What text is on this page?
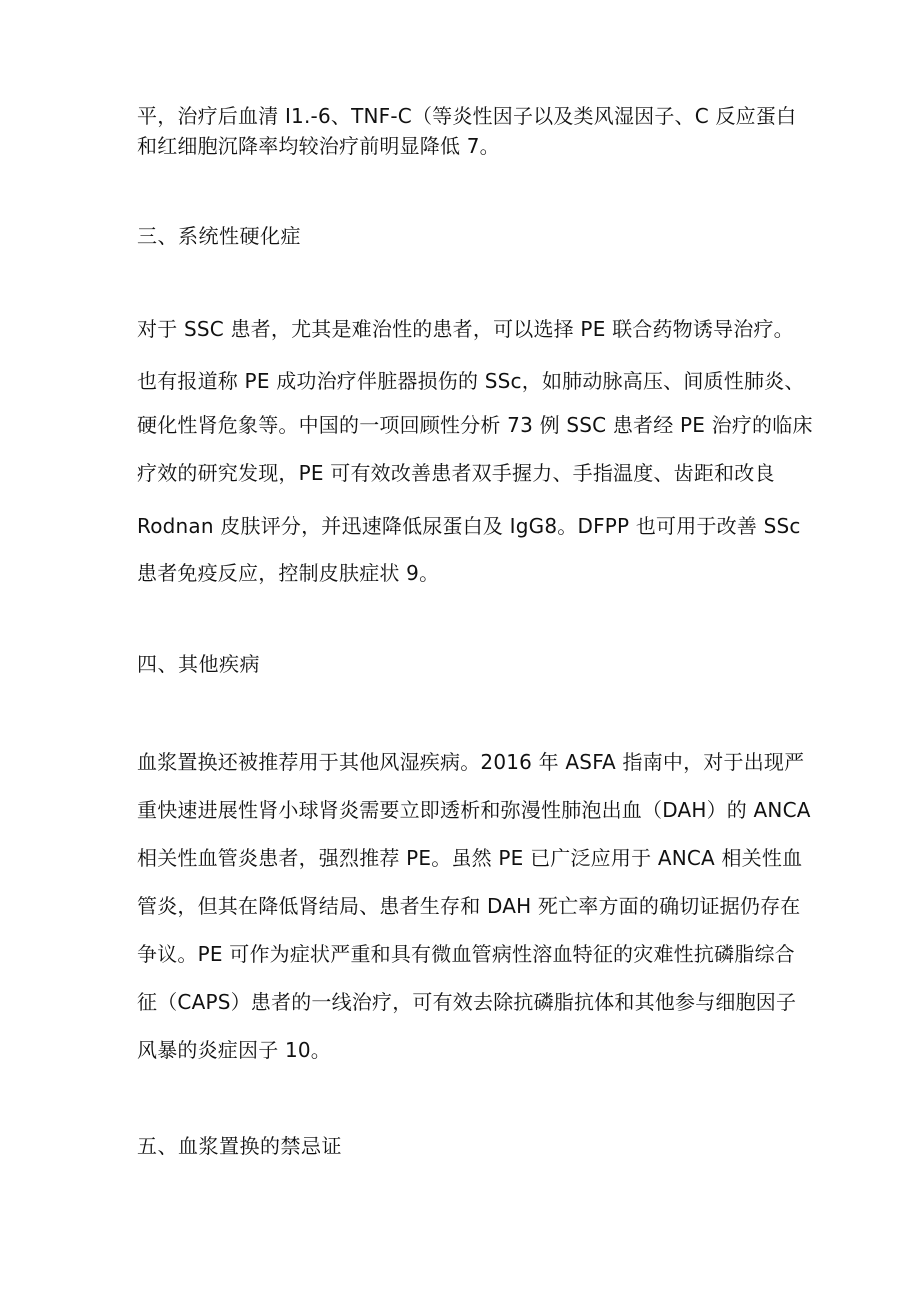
平，治疗后血清 I1.-6、TNF-C（等炎性因子以及类风湿因子、C 反应蛋白
和红细胞沉降率均较治疗前明显降低 7。
三、系统性硬化症
对于 SSC 患者，尤其是难治性的患者，可以选择 PE 联合药物诱导治疗。
也有报道称 PE 成功治疗伴脏器损伤的 SSc，如肺动脉高压、间质性肺炎、
硬化性肾危象等。中国的一项回顾性分析 73 例 SSC 患者经 PE 治疗的临床
疗效的研究发现，PE 可有效改善患者双手握力、手指温度、齿距和改良
Rodnan 皮肤评分，并迅速降低尿蛋白及 IgG8。DFPP 也可用于改善 SSc
患者免疫反应，控制皮肤症状 9。
四、其他疾病
血浆置换还被推荐用于其他风湿疾病。2016 年 ASFA 指南中，对于出现严
重快速进展性肾小球肾炎需要立即透析和弥漫性肺泡出血（DAH）的 ANCA
相关性血管炎患者，强烈推荐 PE。虽然 PE 已广泛应用于 ANCA 相关性血
管炎，但其在降低肾结局、患者生存和 DAH 死亡率方面的确切证据仍存在
争议。PE 可作为症状严重和具有微血管病性溶血特征的灾难性抗磷脂综合
征（CAPS）患者的一线治疗，可有效去除抗磷脂抗体和其他参与细胞因子
风暴的炎症因子 10。
五、血浆置换的禁忌证
